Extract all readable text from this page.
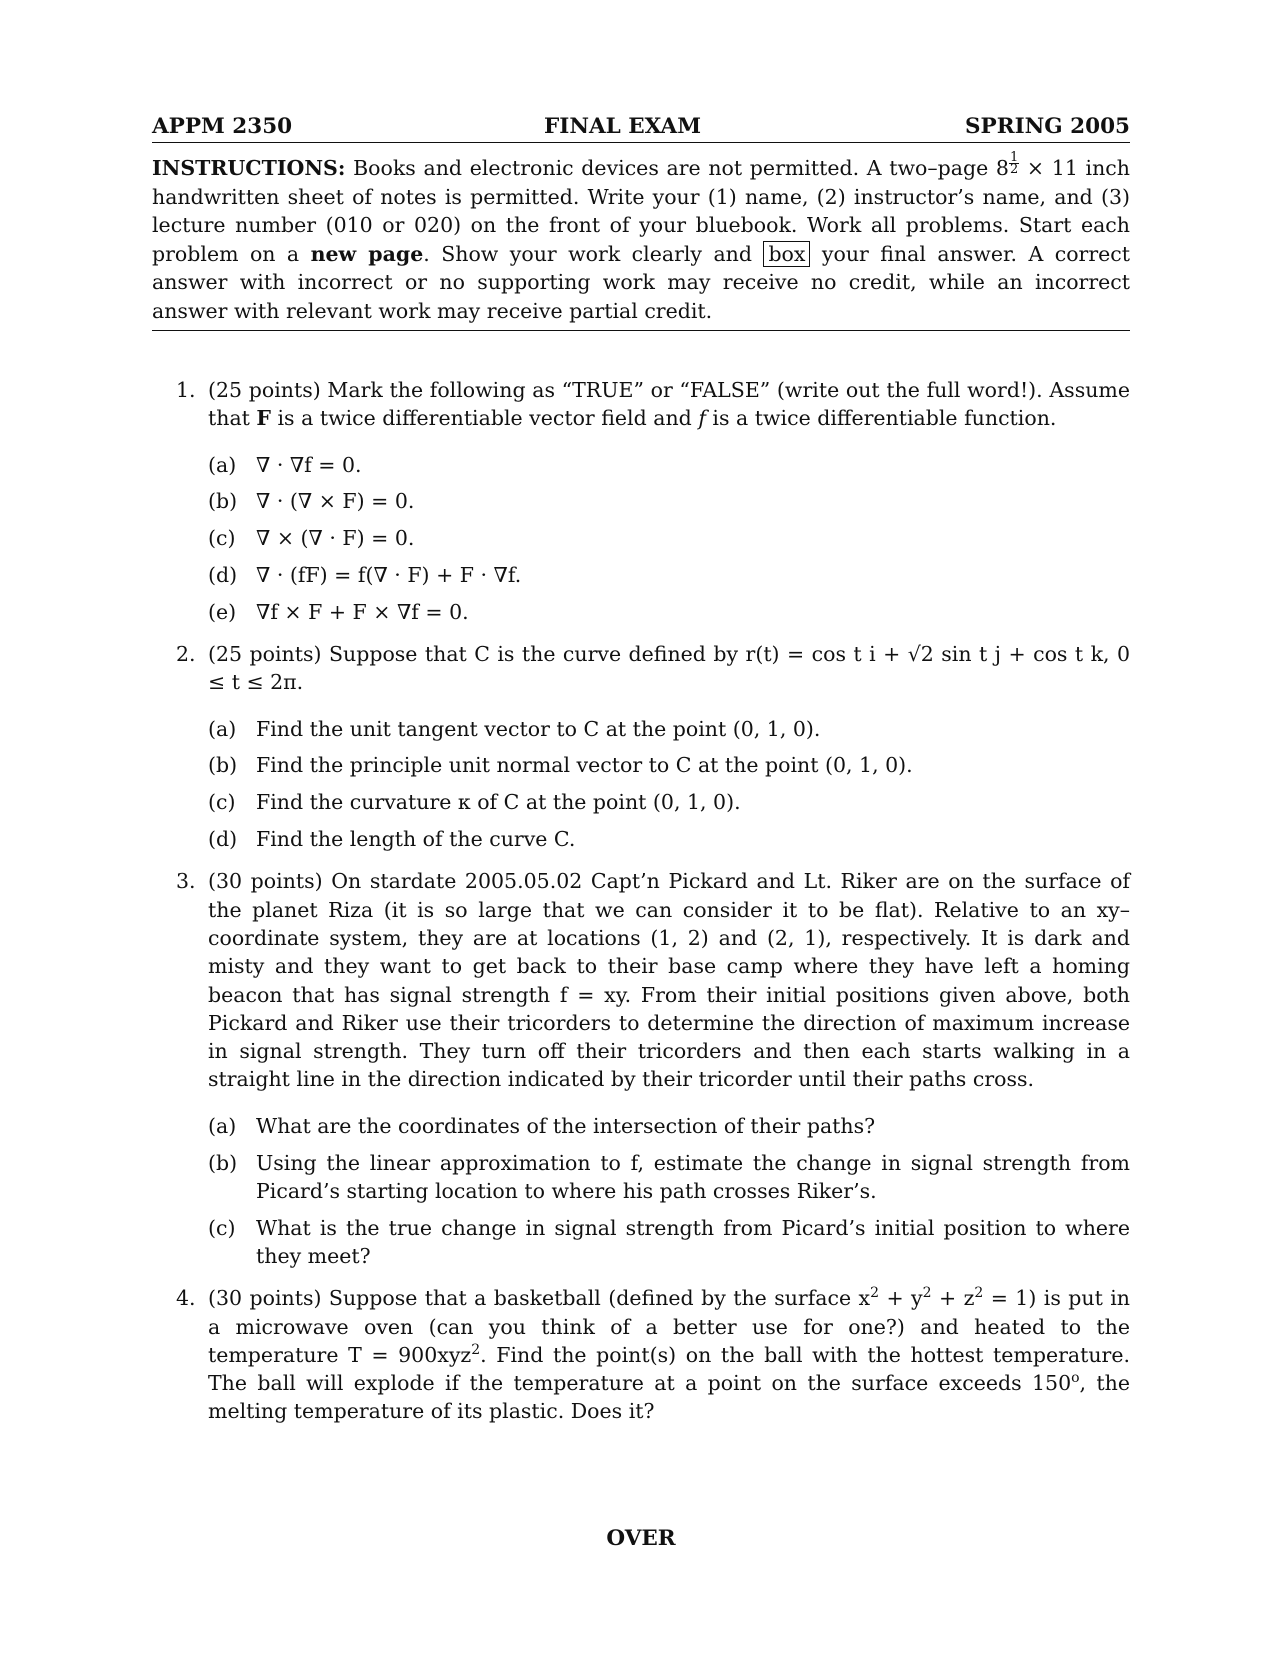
APPM 2350	FINAL EXAM	SPRING 2005
INSTRUCTIONS: Books and electronic devices are not permitted. A two–page $8 \frac{1}{2} \times 11$ inch handwritten sheet of notes is permitted. Write your (1) name, (2) instructor’s name, and (3) lecture number (010 or 020) on the front of your bluebook. Work all problems. Start each problem on a new page. Show your work clearly and box your final answer. A correct answer with incorrect or no supporting work may receive no credit, while an incorrect answer with relevant work may receive partial credit.
1. (25 points) Mark the following as “TRUE” or “FALSE” (write out the full word!). Assume that F is a twice differentiable vector field and f is a twice differentiable function.
(a) ∇ · ∇f = 0.
(b) ∇ · (∇ × F) = 0.
(c) ∇ × (∇ · F) = 0.
(d) ∇ · (fF) = f(∇ · F) + F · ∇f.
(e) ∇f × F + F × ∇f = 0.
2. (25 points) Suppose that C is the curve defined by r(t) = cos t i + √2 sin t j + cos t k, 0 ≤ t ≤ 2π.
(a) Find the unit tangent vector to C at the point (0, 1, 0).
(b) Find the principle unit normal vector to C at the point (0, 1, 0).
(c) Find the curvature κ of C at the point (0, 1, 0).
(d) Find the length of the curve C.
3. (30 points) On stardate 2005.05.02 Capt’n Pickard and Lt. Riker are on the surface of the planet Riza (it is so large that we can consider it to be flat). Relative to an xy–coordinate system, they are at locations (1, 2) and (2, 1), respectively. It is dark and misty and they want to get back to their base camp where they have left a homing beacon that has signal strength f = xy. From their initial positions given above, both Pickard and Riker use their tricorders to determine the direction of maximum increase in signal strength. They turn off their tricorders and then each starts walking in a straight line in the direction indicated by their tricorder until their paths cross.
(a) What are the coordinates of the intersection of their paths?
(b) Using the linear approximation to f, estimate the change in signal strength from Picard’s starting location to where his path crosses Riker’s.
(c) What is the true change in signal strength from Picard’s initial position to where they meet?
4. (30 points) Suppose that a basketball (defined by the surface $x^2 + y^2 + z^2 = 1$) is put in a microwave oven (can you think of a better use for one?) and heated to the temperature T = 900xyz$^2$. Find the point(s) on the ball with the hottest temperature. The ball will explode if the temperature at a point on the surface exceeds 150$^o$, the melting temperature of its plastic. Does it?
OVER
